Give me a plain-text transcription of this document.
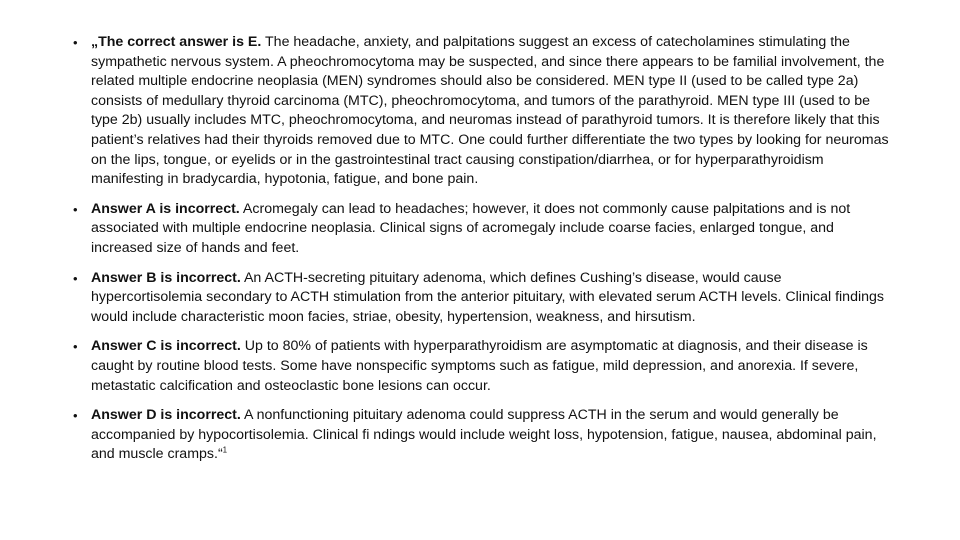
• „The correct answer is E. The headache, anxiety, and palpitations suggest an excess of catecholamines stimulating the sympathetic nervous system. A pheochromocytoma may be suspected, and since there appears to be familial involvement, the related multiple endocrine neoplasia (MEN) syndromes should also be considered. MEN type II (used to be called type 2a) consists of medullary thyroid carcinoma (MTC), pheochromocytoma, and tumors of the parathyroid. MEN type III (used to be type 2b) usually includes MTC, pheochromocytoma, and neuromas instead of parathyroid tumors. It is therefore likely that this patient’s relatives had their thyroids removed due to MTC. One could further differentiate the two types by looking for neuromas on the lips, tongue, or eyelids or in the gastrointestinal tract causing constipation/diarrhea, or for hyperparathyroidism manifesting in bradycardia, hypotonia, fatigue, and bone pain.
• Answer A is incorrect. Acromegaly can lead to headaches; however, it does not commonly cause palpitations and is not associated with multiple endocrine neoplasia. Clinical signs of acromegaly include coarse facies, enlarged tongue, and increased size of hands and feet.
• Answer B is incorrect. An ACTH-secreting pituitary adenoma, which defines Cushing’s disease, would cause hypercortisolemia secondary to ACTH stimulation from the anterior pituitary, with elevated serum ACTH levels. Clinical findings would include characteristic moon facies, striae, obesity, hypertension, weakness, and hirsutism.
• Answer C is incorrect. Up to 80% of patients with hyperparathyroidism are asymptomatic at diagnosis, and their disease is caught by routine blood tests. Some have nonspecific symptoms such as fatigue, mild depression, and anorexia. If severe, metastatic calcification and osteoclastic bone lesions can occur.
• Answer D is incorrect. A nonfunctioning pituitary adenoma could suppress ACTH in the serum and would generally be accompanied by hypocortisolemia. Clinical fi ndings would include weight loss, hypotension, fatigue, nausea, abdominal pain, and muscle cramps.“$^1$
